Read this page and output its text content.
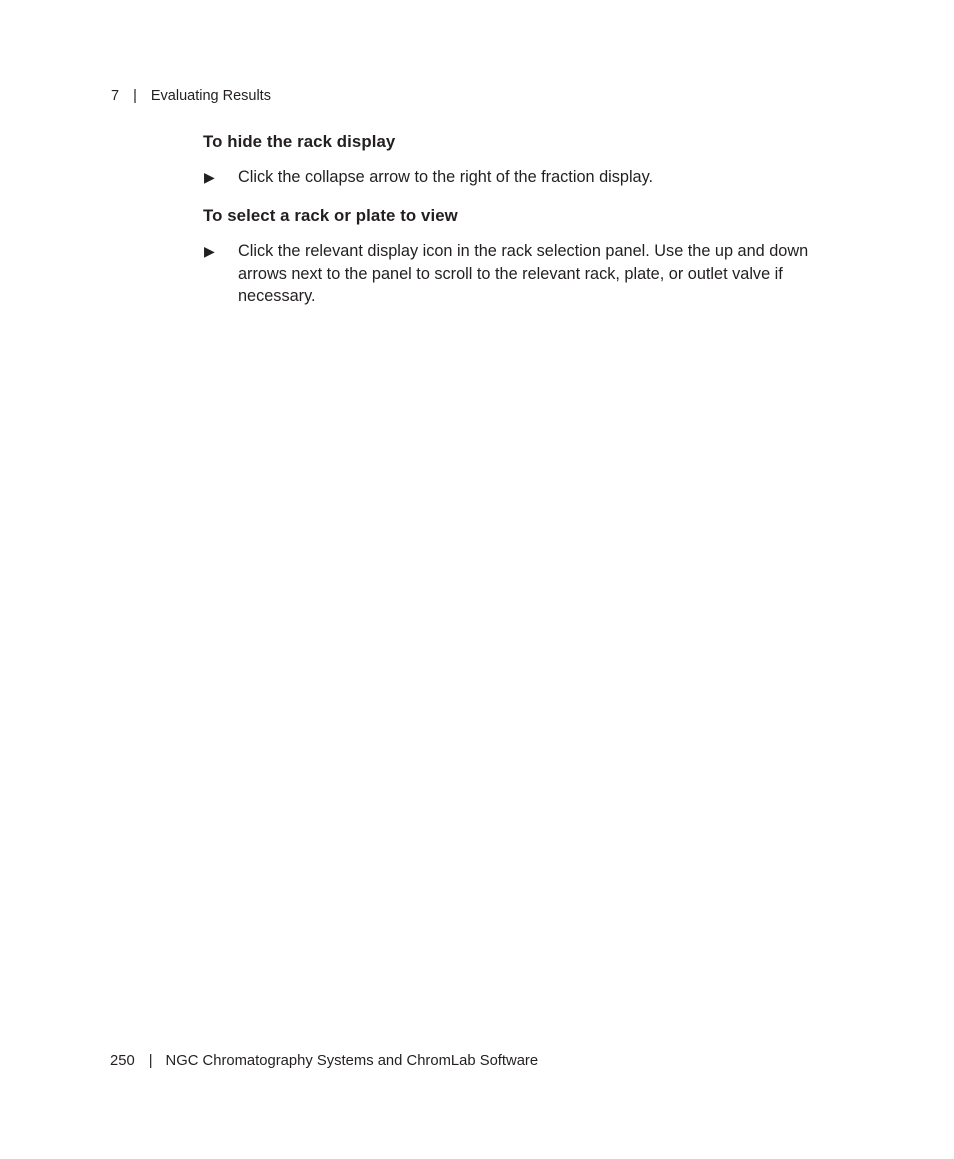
7 | Evaluating Results
To hide the rack display
▶ Click the collapse arrow to the right of the fraction display.
To select a rack or plate to view
▶ Click the relevant display icon in the rack selection panel. Use the up and down arrows next to the panel to scroll to the relevant rack, plate, or outlet valve if necessary.
250 | NGC Chromatography Systems and ChromLab Software
